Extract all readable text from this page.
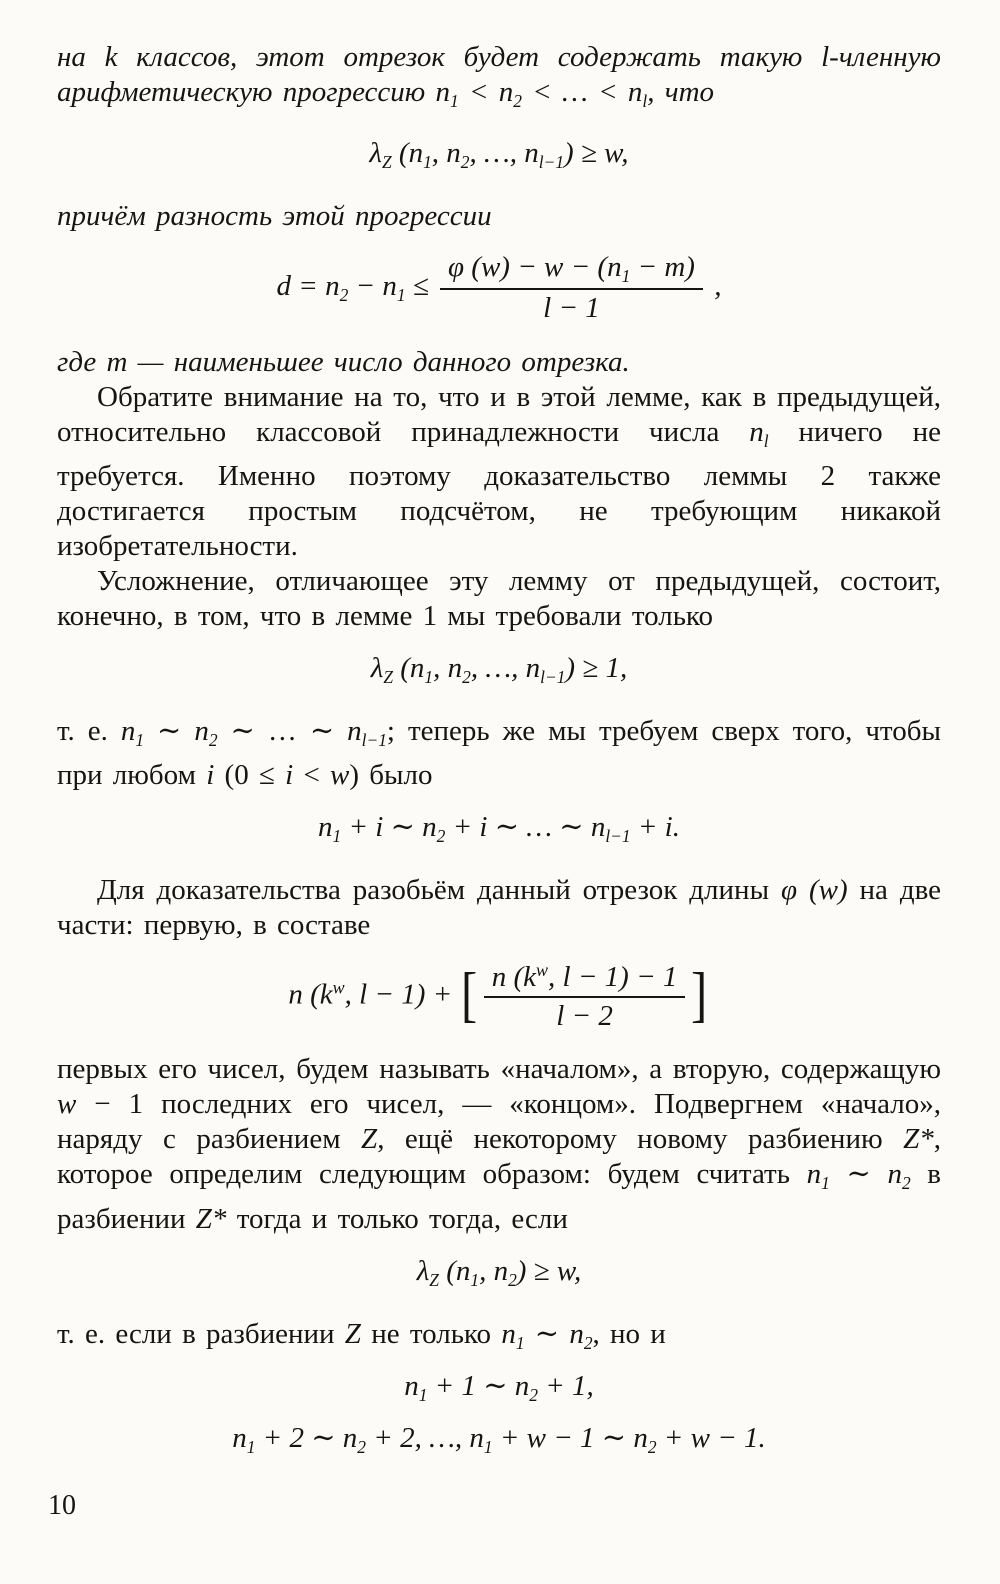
на k классов, этот отрезок будет содержать такую l-членную арифметическую прогрессию $n_1 < n_2$ < … < $n_l$, что

$\lambda_Z$ ($n_1$, $n_2$, …, $n_{l-1}) \ge w$,

причём разность этой прогрессии

$d = n_2 - n_1 \le \frac{\varphi (w) - w - (n_1 - m)}{l - 1}$ ,

где m — наименьшее число данного отрезка.

Обратите внимание на то, что и в этой лемме, как в предыдущей, относительно классовой принадлежности числа $n_l$ ничего не требуется. Именно поэтому доказательство леммы 2 также достигается простым подсчётом, не требующим никакой изобретательности.

Усложнение, отличающее эту лемму от предыдущей, состоит, конечно, в том, что в лемме 1 мы требовали только

$\lambda_Z$ ($n_1$, $n_2$, …, $n_{l-1}) \ge 1$,

т. е. $n_1$ ∼ $n_2$ ∼ … ∼ $n_{l-1}$; теперь же мы требуем сверх того, чтобы при любом i (0 ≤ i < w) было

$n_1 + i$ ∼ $n_2 + i$ ∼ … ∼ $n_{l-1} + i$.

Для доказательства разобьём данный отрезок длины φ (w) на две части: первую, в составе

n ($k^w$, l − 1) + [ $\frac{n (k^w, l - 1) - 1}{l - 2}$ ]

первых его чисел, будем называть «началом», а вторую, содержащую w − 1 последних его чисел, — «концом». Подвергнем «начало», наряду с разбиением Z, ещё некоторому новому разбиению Z*, которое определим следующим образом: будем считать $n_1$ ∼ $n_2$ в разбиении Z* тогда и только тогда, если

$\lambda_Z$ ($n_1$, $n_2) \ge w$,

т. е. если в разбиении Z не только $n_1$ ∼ $n_2$, но и

$n_1 + 1$ ∼ $n_2 + 1$,
$n_1 + 2$ ∼ $n_2 + 2$, …, $n_1 + w - 1$ ∼ $n_2 + w - 1$.
10
